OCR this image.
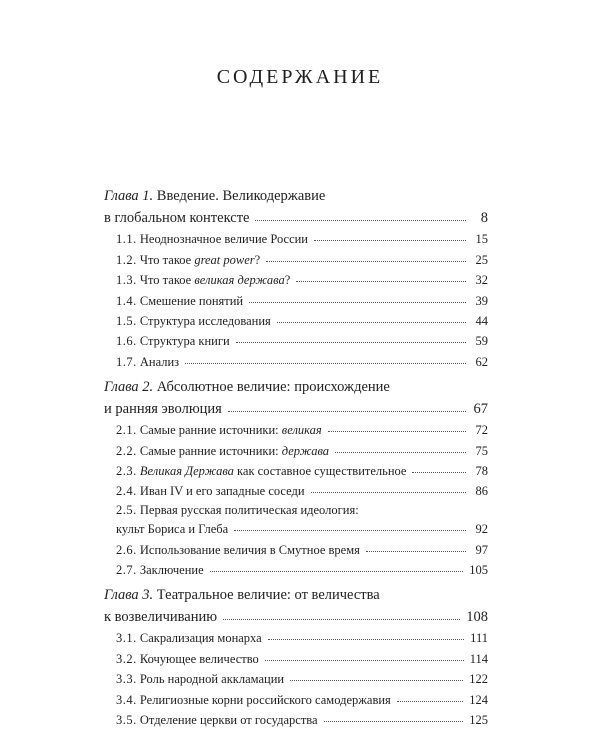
СОДЕРЖАНИЕ
Глава 1. Введение. Великодержавие
в глобальном контексте	8
1.1. Неоднозначное величие России	15
1.2. Что такое great power?	25
1.3. Что такое великая держава?	32
1.4. Смешение понятий	39
1.5. Структура исследования	44
1.6. Структура книги	59
1.7. Анализ	62
Глава 2. Абсолютное величие: происхождение
и ранняя эволюция	67
2.1. Самые ранние источники: великая	72
2.2. Самые ранние источники: держава	75
2.3. Великая Держава как составное существительное	78
2.4. Иван IV и его западные соседи	86
2.5. Первая русская политическая идеология:
культ Бориса и Глеба	92
2.6. Использование величия в Смутное время	97
2.7. Заключение	105
Глава 3. Театральное величие: от величества
к возвеличиванию	108
3.1. Сакрализация монарха	111
3.2. Кочующее величество	114
3.3. Роль народной аккламации	122
3.4. Религиозные корни российского самодержавия	124
3.5. Отделение церкви от государства	125
